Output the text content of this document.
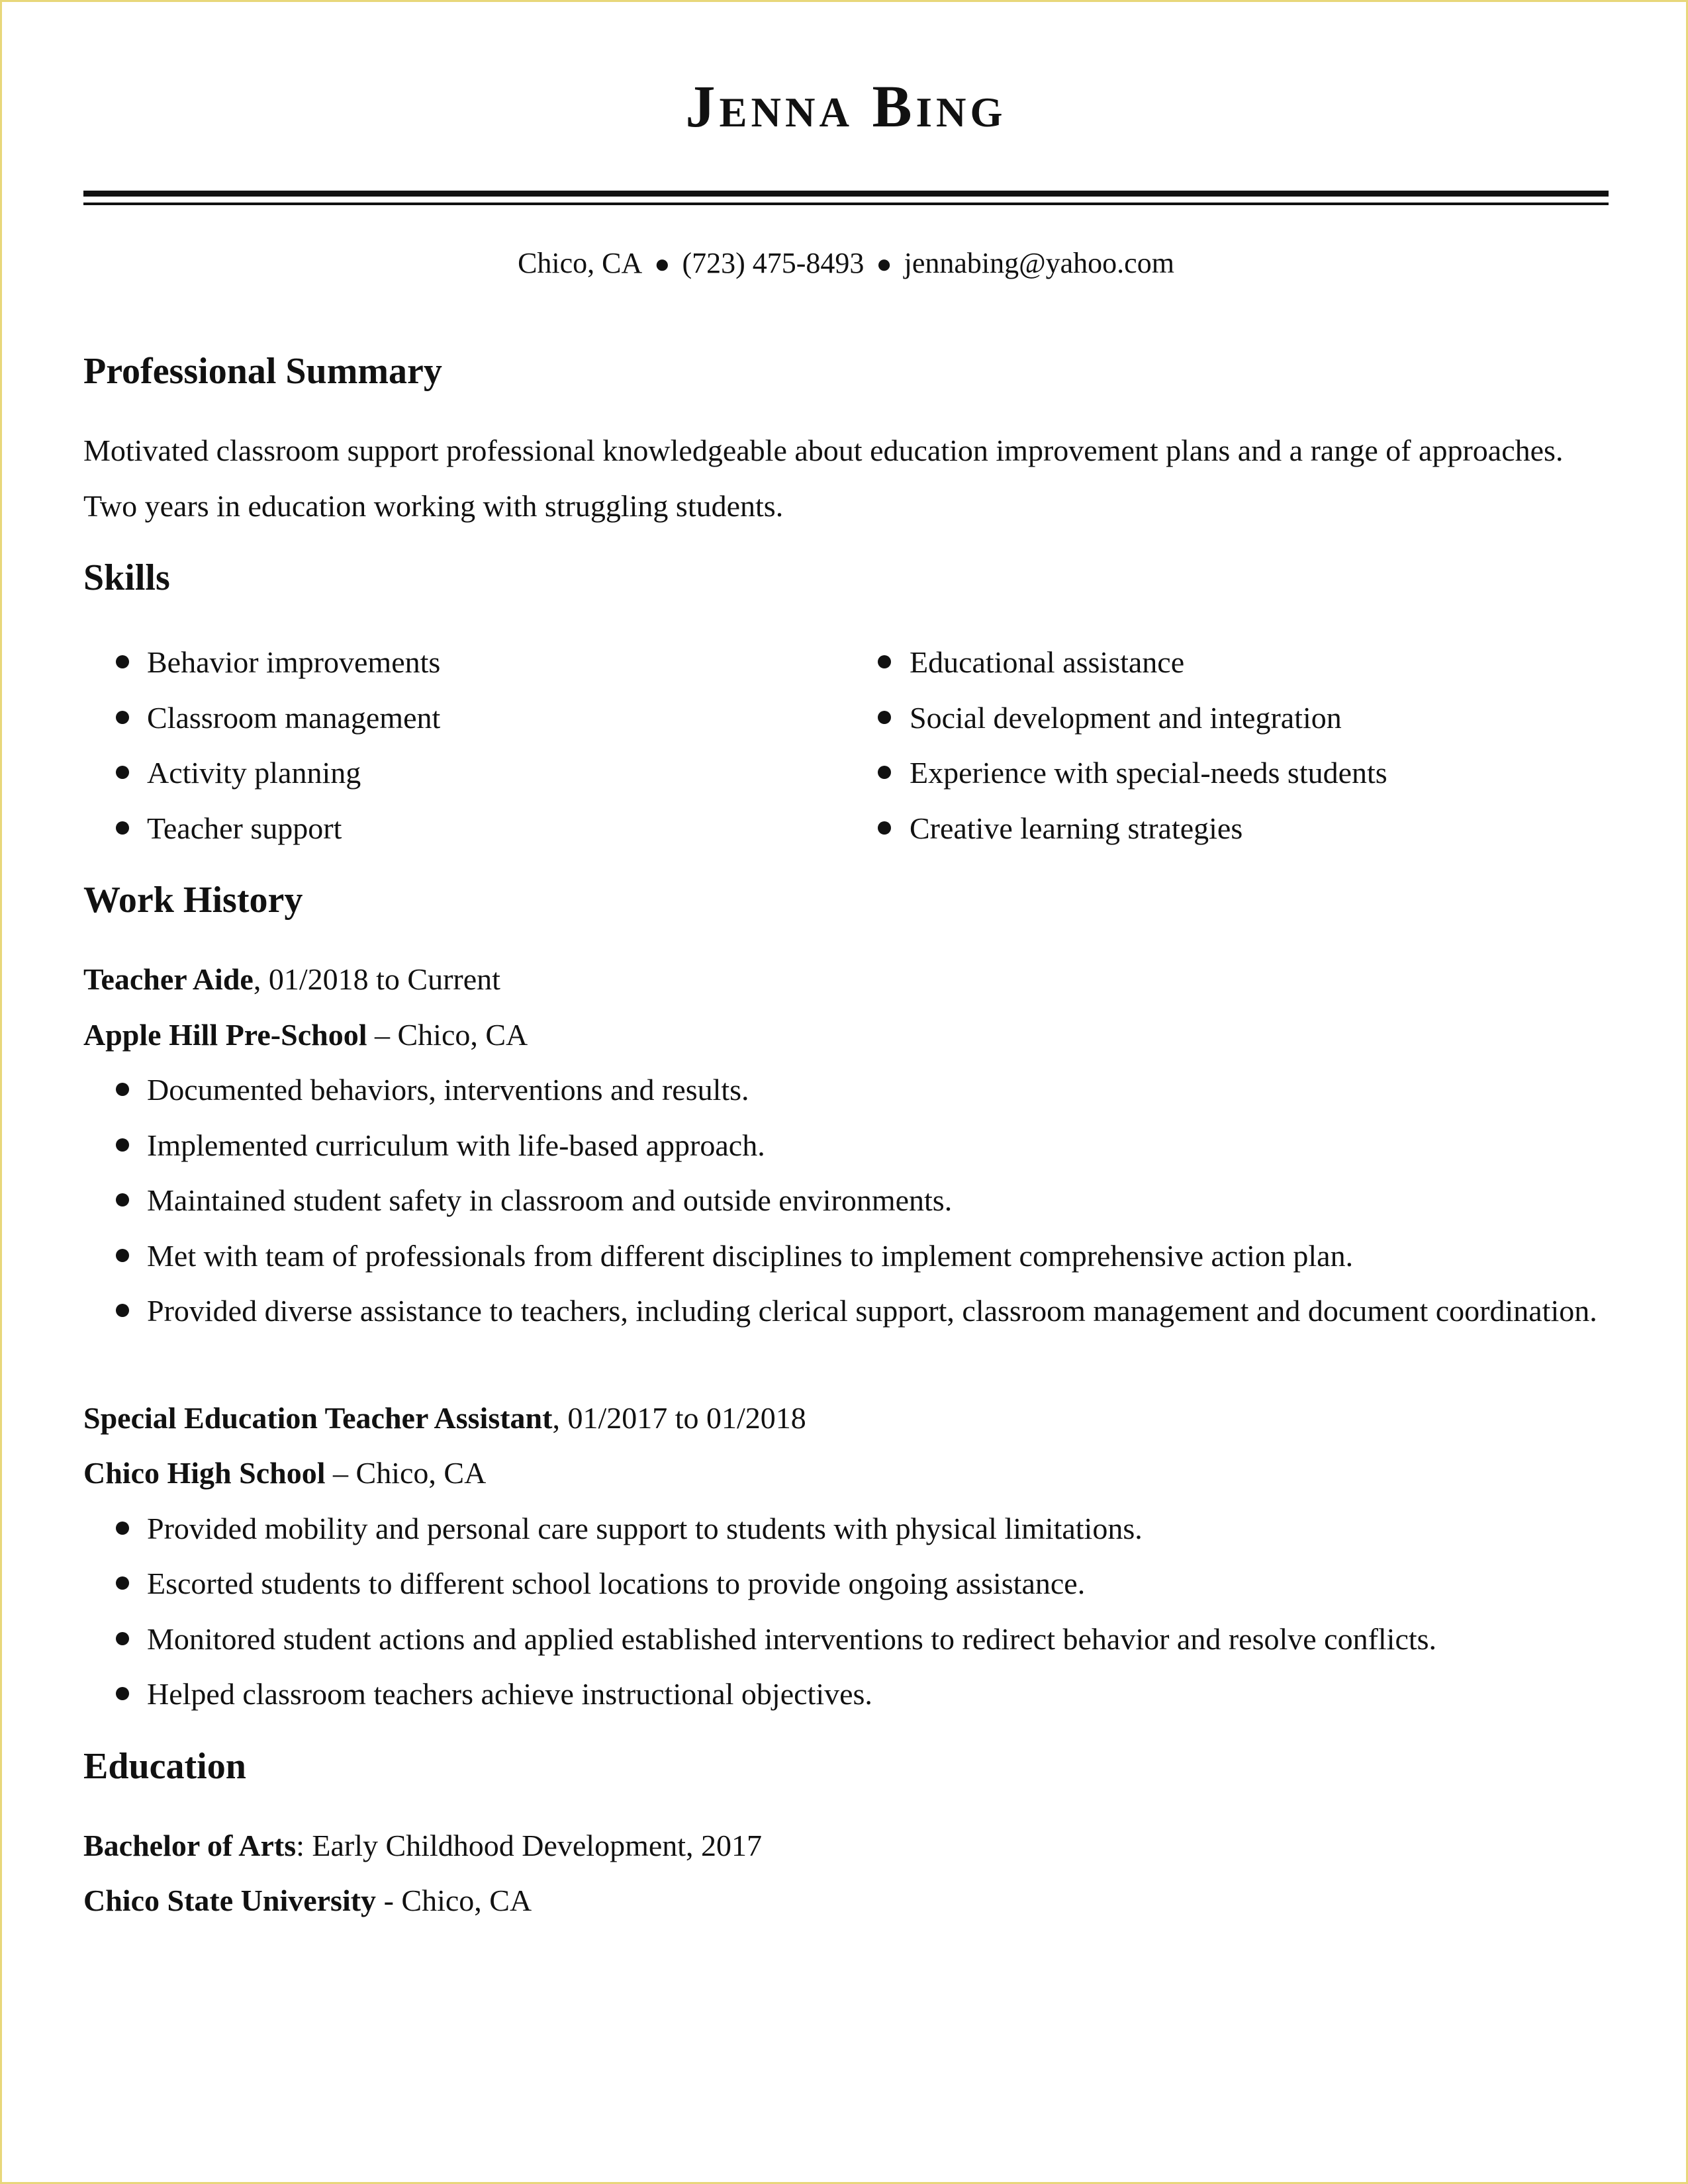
Jenna Bing
Chico, CA ● (723) 475-8493 ● jennabing@yahoo.com
Professional Summary

Motivated classroom support professional knowledgeable about education improvement plans and a range of approaches. Two years in education working with struggling students.

Skills
Behavior improvements
Classroom management
Activity planning
Teacher support
Educational assistance
Social development and integration
Experience with special-needs students
Creative learning strategies
Work History
Teacher Aide, 01/2018 to Current
Apple Hill Pre-School – Chico, CA
Documented behaviors, interventions and results.
Implemented curriculum with life-based approach.
Maintained student safety in classroom and outside environments.
Met with team of professionals from different disciplines to implement comprehensive action plan.
Provided diverse assistance to teachers, including clerical support, classroom management and document coordination.
Special Education Teacher Assistant, 01/2017 to 01/2018
Chico High School – Chico, CA
Provided mobility and personal care support to students with physical limitations.
Escorted students to different school locations to provide ongoing assistance.
Monitored student actions and applied established interventions to redirect behavior and resolve conflicts.
Helped classroom teachers achieve instructional objectives.
Education
Bachelor of Arts: Early Childhood Development, 2017
Chico State University - Chico, CA
